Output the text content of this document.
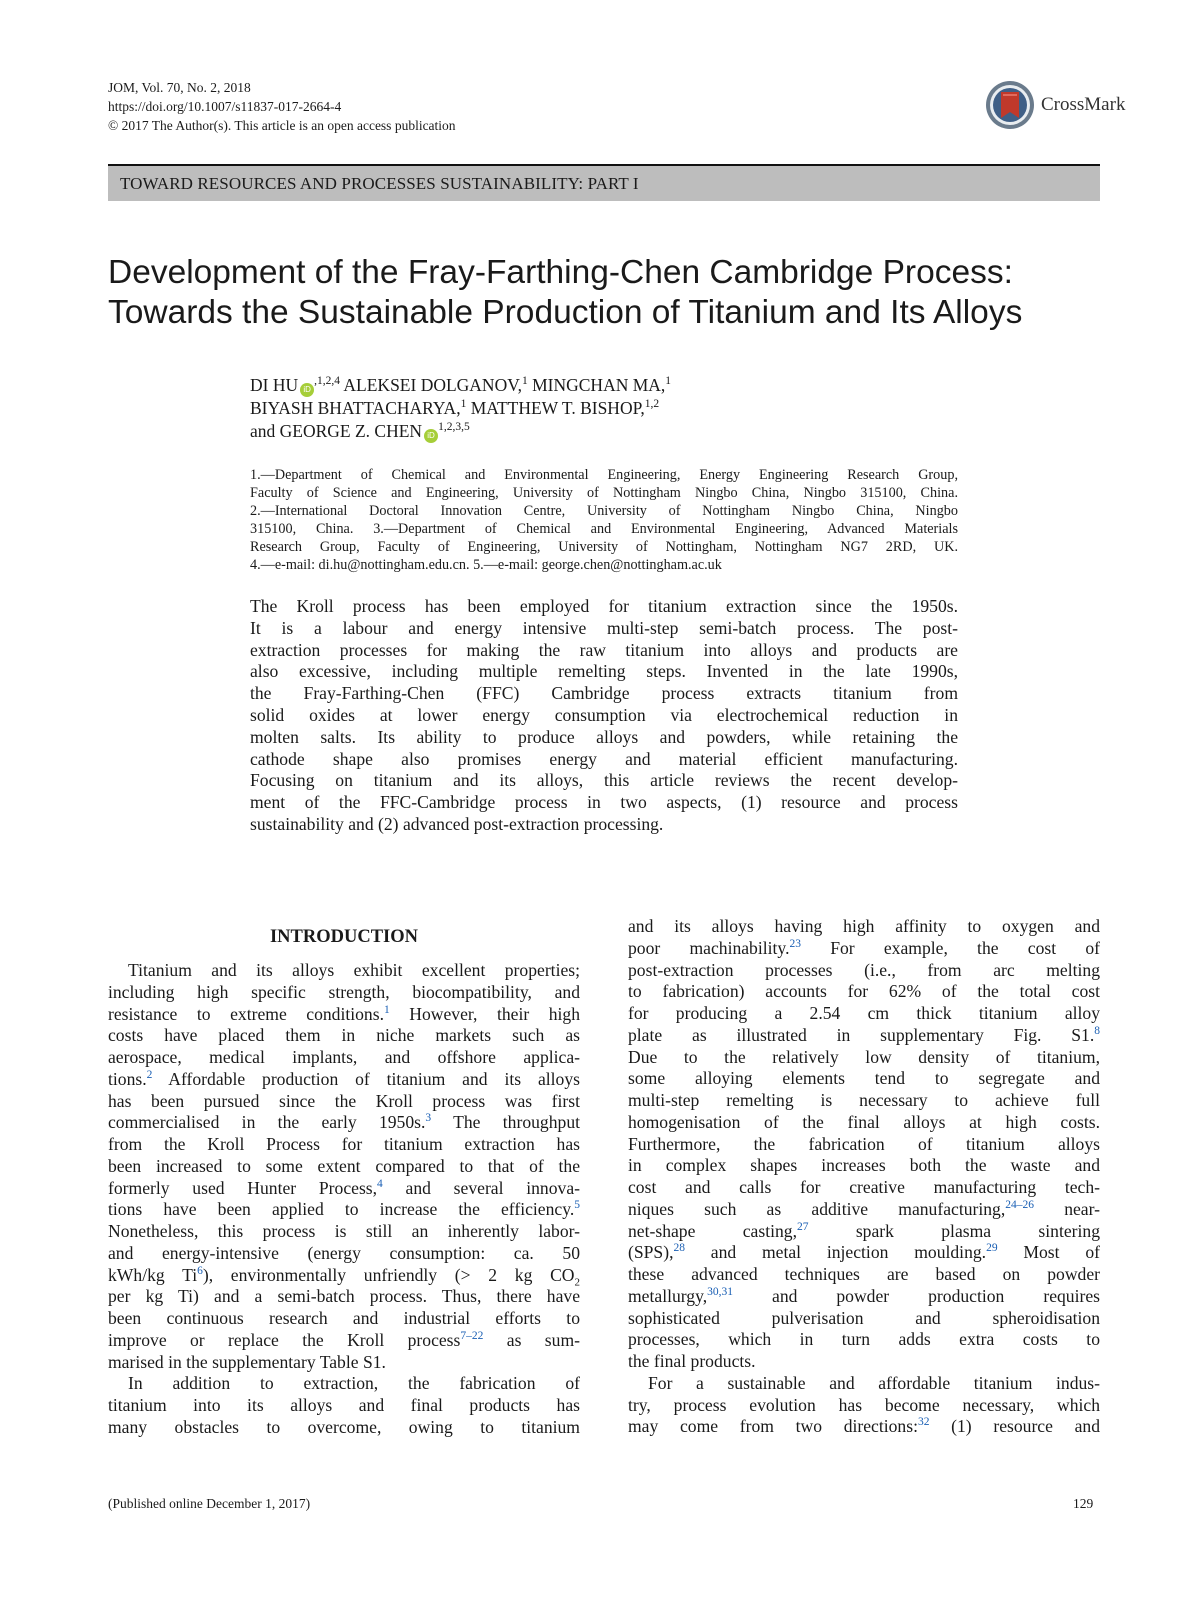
JOM, Vol. 70, No. 2, 2018
https://doi.org/10.1007/s11837-017-2664-4
© 2017 The Author(s). This article is an open access publication
CrossMark
TOWARD RESOURCES AND PROCESSES SUSTAINABILITY: PART I
Development of the Fray-Farthing-Chen Cambridge Process:
Towards the Sustainable Production of Titanium and Its Alloys
DI HU $iD^{,1,2,4}$ ALEKSEI DOLGANOV,$^1$ MINGCHAN MA,$^1$
BIYASH BHATTACHARYA,$^1$ MATTHEW T. BISHOP,$^{1,2}$
and GEORGE Z. CHEN iD$^{1,2,3,5}$
1.—Department of Chemical and Environmental Engineering, Energy Engineering Research Group,
Faculty of Science and Engineering, University of Nottingham Ningbo China, Ningbo 315100, China.
2.—International Doctoral Innovation Centre, University of Nottingham Ningbo China, Ningbo
315100, China. 3.—Department of Chemical and Environmental Engineering, Advanced Materials
Research Group, Faculty of Engineering, University of Nottingham, Nottingham NG7 2RD, UK.
4.—e-mail: di.hu@nottingham.edu.cn. 5.—e-mail: george.chen@nottingham.ac.uk
The Kroll process has been employed for titanium extraction since the 1950s.
It is a labour and energy intensive multi-step semi-batch process. The post-
extraction processes for making the raw titanium into alloys and products are
also excessive, including multiple remelting steps. Invented in the late 1990s,
the Fray-Farthing-Chen (FFC) Cambridge process extracts titanium from
solid oxides at lower energy consumption via electrochemical reduction in
molten salts. Its ability to produce alloys and powders, while retaining the
cathode shape also promises energy and material efficient manufacturing.
Focusing on titanium and its alloys, this article reviews the recent develop-
ment of the FFC-Cambridge process in two aspects, (1) resource and process
sustainability and (2) advanced post-extraction processing.
INTRODUCTION
Titanium and its alloys exhibit excellent properties;
including high specific strength, biocompatibility, and
resistance to extreme conditions.$^1$ However, their high
costs have placed them in niche markets such as
aerospace, medical implants, and offshore applica-
tions.$^2$ Affordable production of titanium and its alloys
has been pursued since the Kroll process was first
commercialised in the early 1950s.$^3$ The throughput
from the Kroll Process for titanium extraction has
been increased to some extent compared to that of the
formerly used Hunter Process,$^4$ and several innova-
tions have been applied to increase the efficiency.$^5$
Nonetheless, this process is still an inherently labor-
and energy-intensive (energy consumption: ca. 50
kWh/kg Ti$^6$), environmentally unfriendly (> 2 kg $CO_2$
per kg Ti) and a semi-batch process. Thus, there have
been continuous research and industrial efforts to
improve or replace the Kroll process$^{7-22}$ as sum-
marised in the supplementary Table S1.
In addition to extraction, the fabrication of
titanium into its alloys and final products has
many obstacles to overcome, owing to titanium
and its alloys having high affinity to oxygen and
poor machinability.$^{23}$ For example, the cost of
post-extraction processes (i.e., from arc melting
to fabrication) accounts for 62% of the total cost
for producing a 2.54 cm thick titanium alloy
plate as illustrated in supplementary Fig. S1.$^8$
Due to the relatively low density of titanium,
some alloying elements tend to segregate and
multi-step remelting is necessary to achieve full
homogenisation of the final alloys at high costs.
Furthermore, the fabrication of titanium alloys
in complex shapes increases both the waste and
cost and calls for creative manufacturing tech-
niques such as additive manufacturing,$^{24-26}$ near-
net-shape casting,$^{27}$ spark plasma sintering
(SPS),$^{28}$ and metal injection moulding.$^{29}$ Most of
these advanced techniques are based on powder
metallurgy,$^{30,31}$ and powder production requires
sophisticated pulverisation and spheroidisation
processes, which in turn adds extra costs to
the final products.
For a sustainable and affordable titanium indus-
try, process evolution has become necessary, which
may come from two directions:$^{32}$ (1) resource and
(Published online December 1, 2017)	129
